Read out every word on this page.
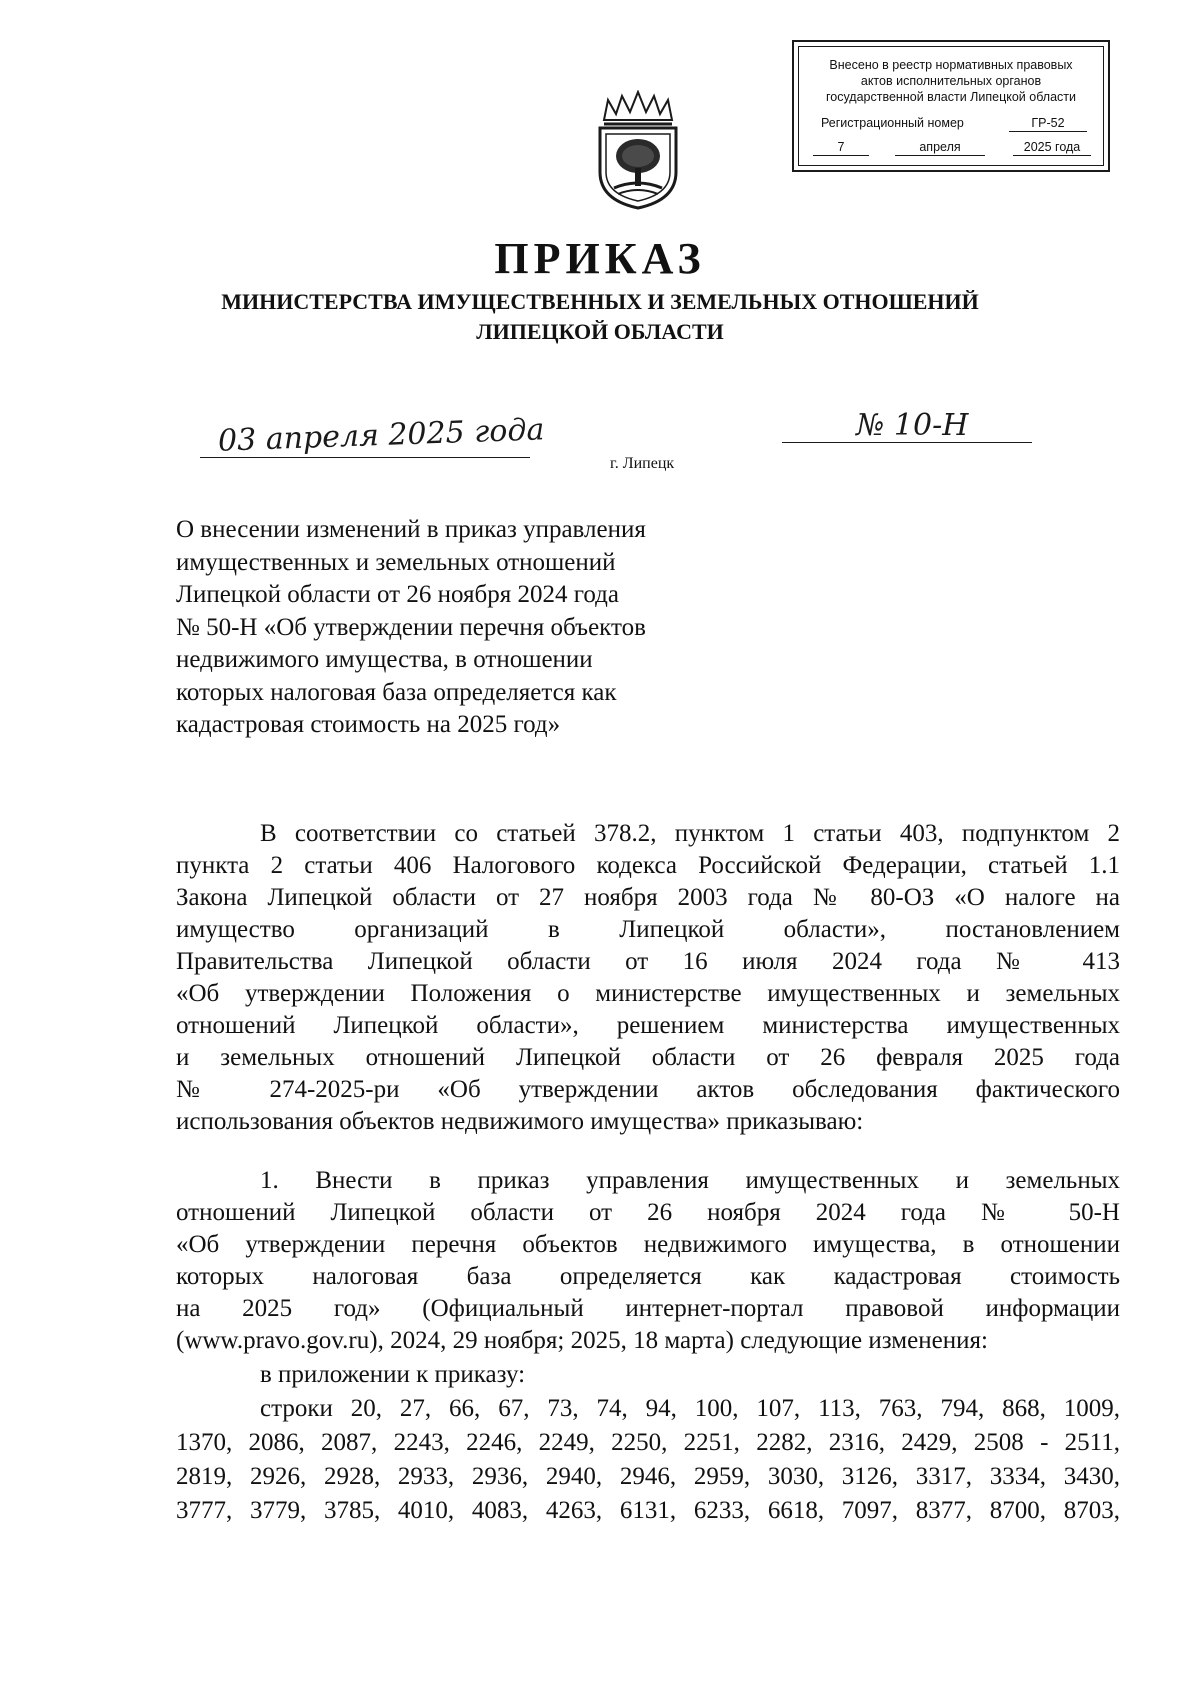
Внесено в реестр нормативных правовых
актов исполнительных органов
государственной власти Липецкой области
Регистрационный номер	ГР-52
7	апреля	2025 года
ПРИКАЗ
МИНИСТЕРСТВА ИМУЩЕСТВЕННЫХ И ЗЕМЕЛЬНЫХ ОТНОШЕНИЙ
ЛИПЕЦКОЙ ОБЛАСТИ
03 апреля 2025 года	№ 10-Н
г. Липецк
О внесении изменений в приказ управления
имущественных и земельных отношений
Липецкой области от 26 ноября 2024 года
№ 50-Н «Об утверждении перечня объектов
недвижимого имущества, в отношении
которых налоговая база определяется как
кадастровая стоимость на 2025 год»
В соответствии со статьей 378.2, пунктом 1 статьи 403, подпунктом 2
пункта 2 статьи 406 Налогового кодекса Российской Федерации, статьей 1.1
Закона Липецкой области от 27 ноября 2003 года № 80-ОЗ «О налоге на
имущество организаций в Липецкой области», постановлением
Правительства Липецкой области от 16 июля 2024 года № 413
«Об утверждении Положения о министерстве имущественных и земельных
отношений Липецкой области», решением министерства имущественных
и земельных отношений Липецкой области от 26 февраля 2025 года
№ 274-2025-ри «Об утверждении актов обследования фактического
использования объектов недвижимого имущества» приказываю:
1. Внести в приказ управления имущественных и земельных
отношений Липецкой области от 26 ноября 2024 года № 50-Н
«Об утверждении перечня объектов недвижимого имущества, в отношении
которых налоговая база определяется как кадастровая стоимость
на 2025 год» (Официальный интернет-портал правовой информации
(www.pravo.gov.ru), 2024, 29 ноября; 2025, 18 марта) следующие изменения:
в приложении к приказу:
строки 20, 27, 66, 67, 73, 74, 94, 100, 107, 113, 763, 794, 868, 1009,
1370, 2086, 2087, 2243, 2246, 2249, 2250, 2251, 2282, 2316, 2429, 2508 - 2511,
2819, 2926, 2928, 2933, 2936, 2940, 2946, 2959, 3030, 3126, 3317, 3334, 3430,
3777, 3779, 3785, 4010, 4083, 4263, 6131, 6233, 6618, 7097, 8377, 8700, 8703,
